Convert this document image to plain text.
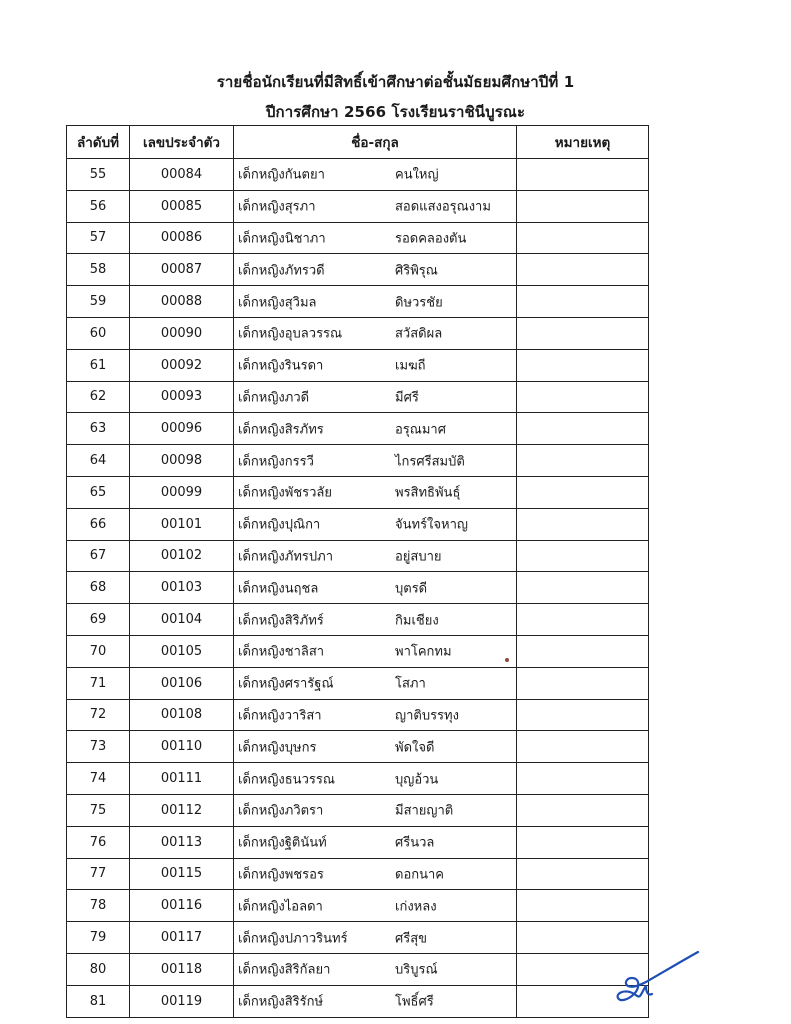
รายชื่อนักเรียนที่มีสิทธิ์เข้าศึกษาต่อชั้นมัธยมศึกษาปีที่ 1
ปีการศึกษา 2566 โรงเรียนราชินีบูรณะ
ลำดับที่	เลขประจำตัว	ชื่อ-สกุล	หมายเหตุ
55	00084	เด็กหญิงกันตยา คนใหญ่	

56	00085	เด็กหญิงสุรภา สอดแสงอรุณงาม	

57	00086	เด็กหญิงนิชาภา รอดคลองตัน	

58	00087	เด็กหญิงภัทรวดี ศิริพิรุณ	

59	00088	เด็กหญิงสุวิมล ดิษวรชัย	

60	00090	เด็กหญิงอุบลวรรณ สวัสดิผล	

61	00092	เด็กหญิงรินรดา เมฆถี	

62	00093	เด็กหญิงภวดี มีศรี	

63	00096	เด็กหญิงสิรภัทร อรุณมาศ	

64	00098	เด็กหญิงกรรวี ไกรศรีสมบัติ	

65	00099	เด็กหญิงพัชรวลัย พรสิทธิพันธุ์	

66	00101	เด็กหญิงปุณิกา จันทร์ใจหาญ	

67	00102	เด็กหญิงภัทรปภา อยู่สบาย	

68	00103	เด็กหญิงนฤชล บุตรดี	

69	00104	เด็กหญิงสิริภัทร์ กิมเชียง	

70	00105	เด็กหญิงชาลิสา พาโคกทม	

71	00106	เด็กหญิงศรารัฐณ์ โสภา	

72	00108	เด็กหญิงวาริสา ญาติบรรทุง	

73	00110	เด็กหญิงบุษกร พัดใจดี	

74	00111	เด็กหญิงธนวรรณ บุญอ้วน	

75	00112	เด็กหญิงภวิตรา มีสายญาติ	

76	00113	เด็กหญิงฐิตินันท์ ศรีนวล	

77	00115	เด็กหญิงพชรอร ดอกนาค	

78	00116	เด็กหญิงไอลดา เก่งหลง	

79	00117	เด็กหญิงปภาวรินทร์ ศรีสุข	

80	00118	เด็กหญิงสิริกัลยา บริบูรณ์	

81	00119	เด็กหญิงสิริรักษ์ โพธิ์ศรี	
